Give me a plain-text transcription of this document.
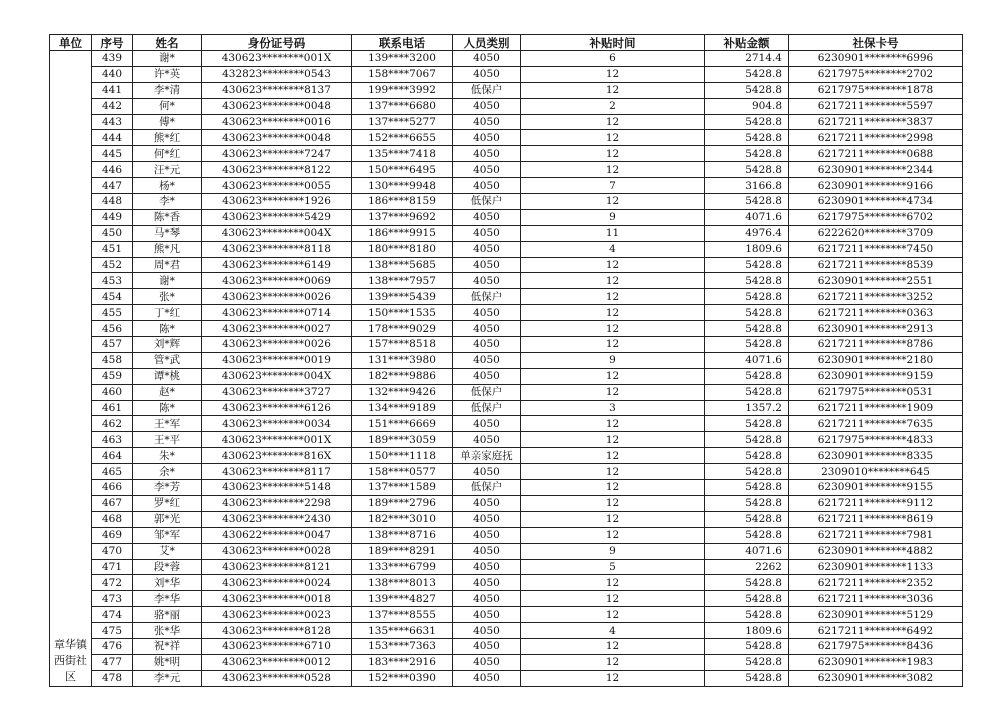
单位	序号	姓名	身份证号码	联系电话	人员类别	补贴时间	补贴金额	社保卡号
章华镇西街社区	439	谢*	430623********001X	139****3200	4050	6	2714.4	6230901********6996
	440	许*英	432823********0543	158****7067	4050	12	5428.8	6217975********2702
	441	李*清	430623********8137	199****3992	低保户	12	5428.8	6217975********1878
	442	何*	430623********0048	137****6680	4050	2	904.8	6217211********5597
	443	傅*	430623********0016	137****5277	4050	12	5428.8	6217211********3837
	444	熊*红	430623********0048	152****6655	4050	12	5428.8	6217211********2998
	445	何*红	430623********7247	135****7418	4050	12	5428.8	6217211********0688
	446	汪*元	430623********8122	150****6495	4050	12	5428.8	6230901********2344
	447	杨*	430623********0055	130****9948	4050	7	3166.8	6230901********9166
	448	李*	430623********1926	186****8159	低保户	12	5428.8	6230901********4734
	449	陈*香	430623********5429	137****9692	4050	9	4071.6	6217975********6702
	450	马*琴	430623********004X	186****9915	4050	11	4976.4	6222620********3709
	451	熊*凡	430623********8118	180****8180	4050	4	1809.6	6217211********7450
	452	周*君	430623********6149	138****5685	4050	12	5428.8	6217211********8539
	453	谢*	430623********0069	138****7957	4050	12	5428.8	6230901********2551
	454	张*	430623********0026	139****5439	低保户	12	5428.8	6217211********3252
	455	丁*红	430623********0714	150****1535	4050	12	5428.8	6217211********0363
	456	陈*	430623********0027	178****9029	4050	12	5428.8	6230901********2913
	457	刘*辉	430623********0026	157****8518	4050	12	5428.8	6217211********8786
	458	管*武	430623********0019	131****3980	4050	9	4071.6	6230901********2180
	459	谭*桃	430623********004X	182****9886	4050	12	5428.8	6230901********9159
	460	赵*	430623********3727	132****9426	低保户	12	5428.8	6217975********0531
	461	陈*	430623********6126	134****9189	低保户	3	1357.2	6217211********1909
	462	王*军	430623********0034	151****6669	4050	12	5428.8	6217211********7635
	463	王*平	430623********001X	189****3059	4050	12	5428.8	6217975********4833
	464	朱*	430623********816X	150****1118	单亲家庭抚	12	5428.8	6230901********8335
	465	余*	430623********8117	158****0577	4050	12	5428.8	2309010********645
	466	李*芳	430623********5148	137****1589	低保户	12	5428.8	6230901********9155
	467	罗*红	430623********2298	189****2796	4050	12	5428.8	6217211********9112
	468	郭*光	430623********2430	182****3010	4050	12	5428.8	6217211********8619
	469	邹*军	430622********0047	138****8716	4050	12	5428.8	6217211********7981
	470	艾*	430623********0028	189****8291	4050	9	4071.6	6230901********4882
	471	段*蓉	430623********8121	133****6799	4050	5	2262	6230901********1133
	472	刘*华	430623********0024	138****8013	4050	12	5428.8	6217211********2352
	473	李*华	430623********0018	139****4827	4050	12	5428.8	6217211********3036
	474	骆*丽	430623********0023	137****8555	4050	12	5428.8	6230901********5129
	475	张*华	430623********8128	135****6631	4050	4	1809.6	6217211********6492
	476	祝*祥	430623********6710	153****7363	4050	12	5428.8	6217975********8436
	477	姚*明	430623********0012	183****2916	4050	12	5428.8	6230901********1983
	478	李*元	430623********0528	152****0390	4050	12	5428.8	6230901********3082
